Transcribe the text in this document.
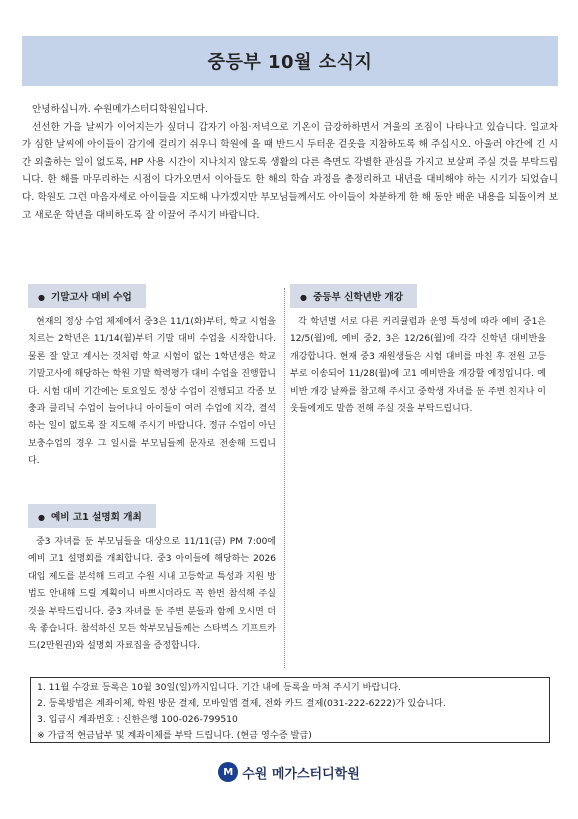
중등부 10월 소식지

안녕하십니까. 수원메가스터디학원입니다.

선선한 가을 날씨가 이어지는가 싶더니 갑자기 아침·저녁으로 기온이 급강하하면서 겨울의 조짐이 나타나고 있습니다. 일교차가 심한 날씨에 아이들이 감기에 걸리기 쉬우니 학원에 올 때 반드시 두터운 겉옷을 지참하도록 해 주십시오. 아울러 야간에 긴 시간 외출하는 일이 없도록, HP 사용 시간이 지나치지 않도록 생활의 다른 측면도 각별한 관심을 가지고 보살펴 주실 것을 부탁드립니다. 한 해를 마무리하는 시점이 다가오면서 이아들도 한 해의 학습 과정을 총정리하고 내년을 대비해야 하는 시기가 되었습니다. 학원도 그런 마음자세로 아이들을 지도해 나가겠지만 부모님들께서도 아이들이 차분하게 한 해 동안 배운 내용을 되돌이켜 보고 새로운 학년을 대비하도록 잘 이끌어 주시기 바랍니다.

● 기말고사 대비 수업

현재의 정상 수업 체제에서 중3은 11/1(화)부터, 학교 시험을 치르는 2학년은 11/14(월)부터 기말 대비 수업을 시작합니다. 물론 잘 알고 계시는 것처럼 학교 시험이 없는 1학년생은 학교 기말고사에 해당하는 학원 기말 학력평가 대비 수업을 진행합니다. 시험 대비 기간에는 토요일도 정상 수업이 진행되고 각종 보충과 클리닉 수업이 늘어나니 아이들이 여러 수업에 지각, 결석하는 일이 없도록 잘 지도해 주시기 바랍니다. 정규 수업이 아닌 보충수업의 경우 그 일시를 부모님들께 문자로 전송해 드립니다.

● 예비 고1 설명회 개최

중3 자녀를 둔 부모님들을 대상으로 11/11(금) PM 7:00에 예비 고1 설명회를 개최합니다. 중3 아이들에 해당하는 2026 대입 제도를 분석해 드리고 수원 시내 고등학교 특성과 지원 방법도 안내해 드릴 계획이니 바쁘시더라도 꼭 한번 참석해 주실 것을 부탁드립니다. 중3 자녀를 둔 주변 분들과 함께 오시면 더욱 좋습니다. 참석하신 모든 학부모님들께는 스타벅스 기프트카드(2만원권)와 설명회 자료집을 증정합니다.

● 중등부 신학년반 개강

각 학년별 서로 다른 커리큘럼과 운영 특성에 따라 예비 중1은 12/5(월)에, 예비 중2, 3은 12/26(월)에 각각 신학년 대비반을 개강합니다. 현재 중3 재원생들은 시험 대비를 마친 후 전원 고등부로 이송되어 11/28(월)에 고1 예비반을 개강할 예정입니다. 예비반 개강 날짜를 참고해 주시고 중학생 자녀를 둔 주변 친지나 이웃들에게도 말씀 전해 주실 것을 부탁드립니다.

1. 11월 수강료 등록은 10월 30일(일)까지입니다. 기간 내에 등록을 마쳐 주시기 바랍니다.

2. 등록방법은 계좌이체, 학원 방문 결제, 모바일앱 결제, 전화 카드 결제(031-222-6222)가 있습니다.

3. 입금시 계좌번호 : 신한은행 100-026-799510

※ 가급적 현금납부 및 계좌이체를 부탁 드립니다. (현금 영수증 발급)

M 수원 메가스터디학원
